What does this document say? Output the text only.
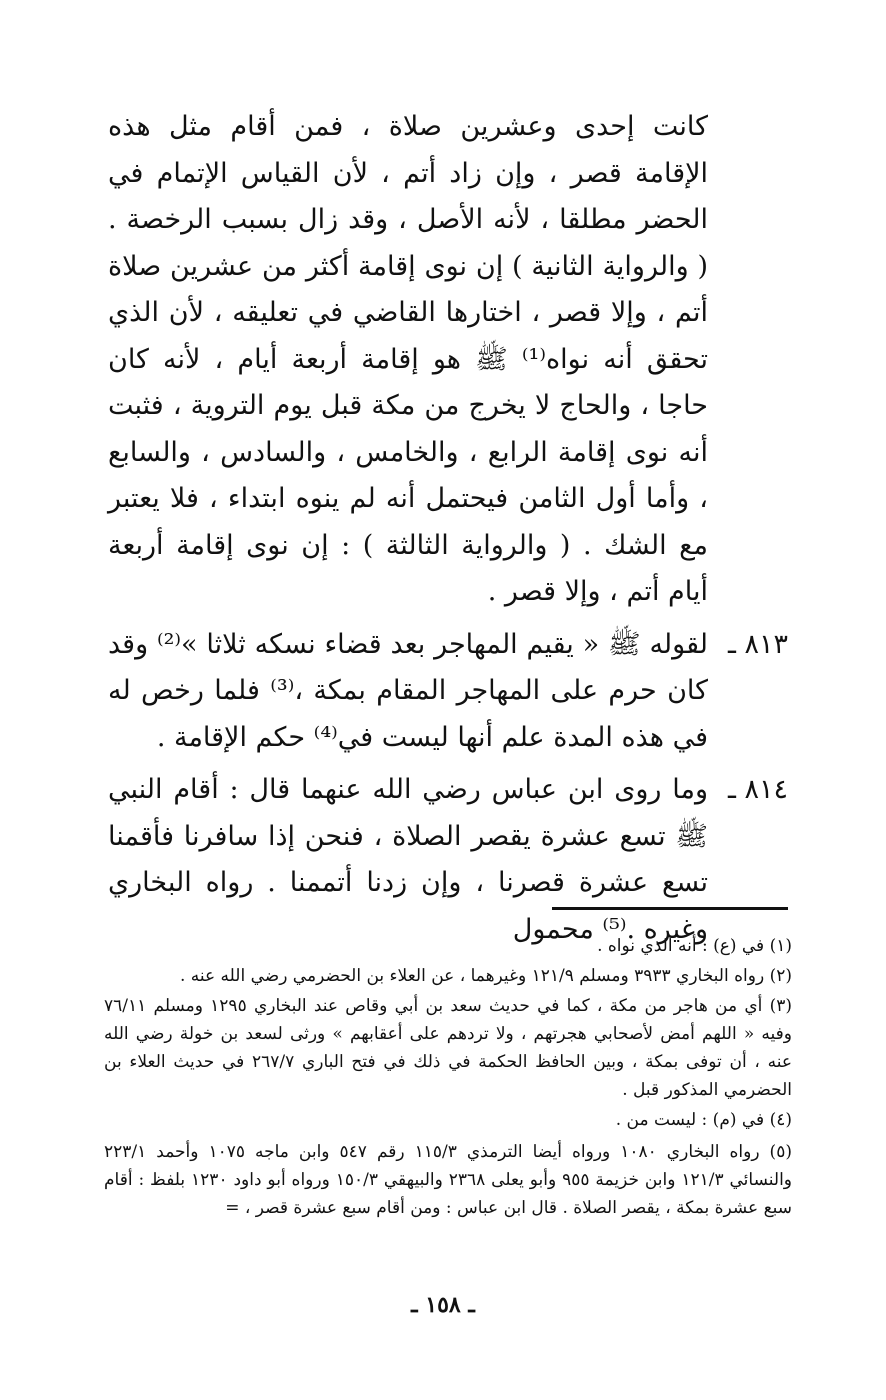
كانت إحدى وعشرين صلاة ، فمن أقام مثل هذه الإقامة قصر ، وإن زاد أتم ، لأن القياس الإتمام في الحضر مطلقا ، لأنه الأصل ، وقد زال بسبب الرخصة . ( والرواية الثانية ) إن نوى إقامة أكثر من عشرين صلاة أتم ، وإلا قصر ، اختارها القاضي في تعليقه ، لأن الذي تحقق أنه نواه⁽¹⁾ ﷺ هو إقامة أربعة أيام ، لأنه كان حاجا ، والحاج لا يخرج من مكة قبل يوم التروية ، فثبت أنه نوى إقامة الرابع ، والخامس ، والسادس ، والسابع ، وأما أول الثامن فيحتمل أنه لم ينوه ابتداء ، فلا يعتبر مع الشك . ( والرواية الثالثة ) : إن نوى إقامة أربعة أيام أتم ، وإلا قصر .

٨١٣ ـ
لقوله ﷺ « يقيم المهاجر بعد قضاء نسكه ثلاثا »⁽²⁾ وقد كان حرم على المهاجر المقام بمكة ،⁽³⁾ فلما رخص له في هذه المدة علم أنها ليست في⁽⁴⁾ حكم الإقامة .
٨١٤ ـ
وما روى ابن عباس رضي الله عنهما قال : أقام النبي ﷺ تسع عشرة يقصر الصلاة ، فنحن إذا سافرنا فأقمنا تسع عشرة قصرنا ، وإن زدنا أتممنا . رواه البخاري وغيره .⁽⁵⁾ محمول

(١) في (ع) : أنه الذي نواه .

(٢) رواه البخاري ٣٩٣٣ ومسلم ١٢١/٩ وغيرهما ، عن العلاء بن الحضرمي رضي الله عنه .

(٣) أي من هاجر من مكة ، كما في حديث سعد بن أبي وقاص عند البخاري ١٢٩٥ ومسلم ٧٦/١١ وفيه « اللهم أمض لأصحابي هجرتهم ، ولا تردهم على أعقابهم » ورثى لسعد بن خولة رضي الله عنه ، أن توفى بمكة ، وبين الحافظ الحكمة في ذلك في فتح الباري ٢٦٧/٧ في حديث العلاء بن الحضرمي المذكور قبل .

(٤) في (م) : ليست من .

(٥) رواه البخاري ١٠٨٠ ورواه أيضا الترمذي ١١٥/٣ رقم ٥٤٧ وابن ماجه ١٠٧٥ وأحمد ٢٢٣/١ والنسائي ١٢١/٣ وابن خزيمة ٩٥٥ وأبو يعلى ٢٣٦٨ والبيهقي ١٥٠/٣ ورواه أبو داود ١٢٣٠ بلفظ : أقام سبع عشرة بمكة ، يقصر الصلاة . قال ابن عباس : ومن أقام سبع عشرة قصر ، =

ـ ١٥٨ ـ
